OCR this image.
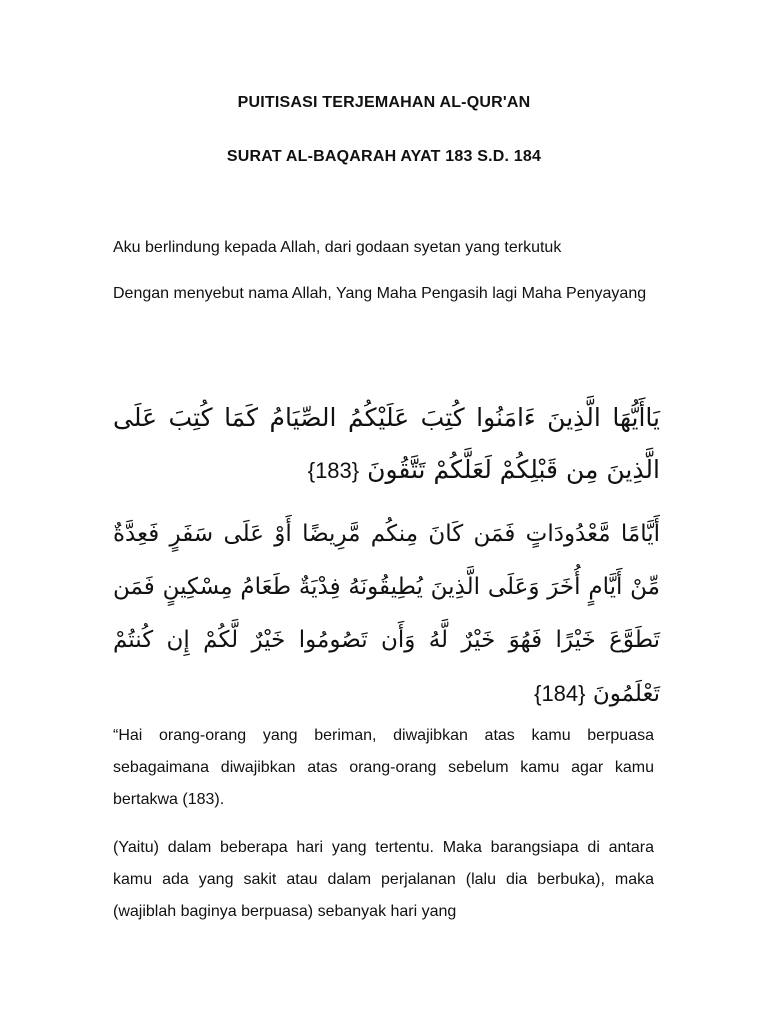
PUITISASI TERJEMAHAN AL-QUR'AN
SURAT AL-BAQARAH AYAT 183 S.D. 184

Aku berlindung kepada Allah, dari godaan syetan yang terkutuk

Dengan menyebut nama Allah, Yang Maha Pengasih lagi Maha Penyayang

يَاأَيُّهَا الَّذِينَ ءَامَنُوا كُتِبَ عَلَيْكُمُ الصِّيَامُ كَمَا كُتِبَ عَلَى الَّذِينَ مِن قَبْلِكُمْ لَعَلَّكُمْ تَتَّقُونَ {183}

أَيَّامًا مَّعْدُودَاتٍ فَمَن كَانَ مِنكُم مَّرِيضًا أَوْ عَلَى سَفَرٍ فَعِدَّةٌ مِّنْ أَيَّامٍ أُخَرَ وَعَلَى الَّذِينَ يُطِيقُونَهُ فِدْيَةٌ طَعَامُ مِسْكِينٍ فَمَن تَطَوَّعَ خَيْرًا فَهُوَ خَيْرٌ لَّهُ وَأَن تَصُومُوا خَيْرٌ لَّكُمْ إِن كُنتُمْ تَعْلَمُونَ {184}

“Hai orang-orang yang beriman, diwajibkan atas kamu berpuasa sebagaimana diwajibkan atas orang-orang sebelum kamu agar kamu bertakwa (183).

(Yaitu) dalam beberapa hari yang tertentu. Maka barangsiapa di antara kamu ada yang sakit atau dalam perjalanan (lalu dia berbuka), maka (wajiblah baginya berpuasa) sebanyak hari yang
